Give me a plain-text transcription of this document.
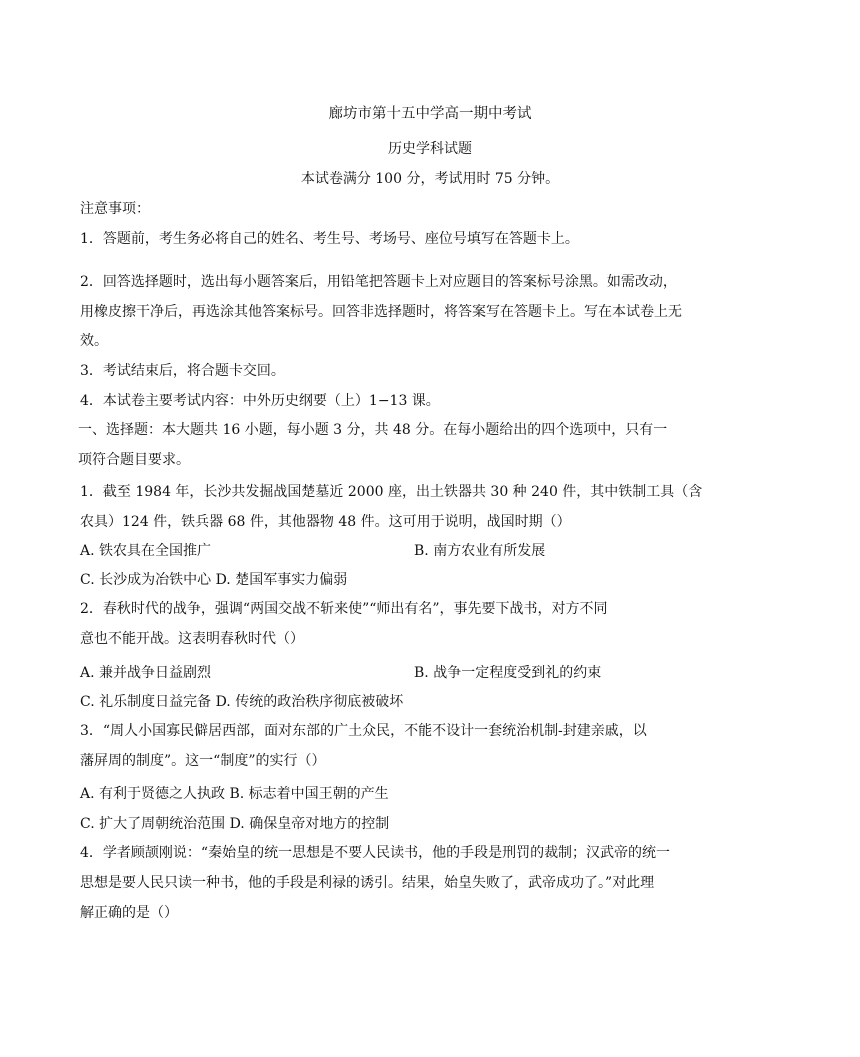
廊坊市第十五中学高一期中考试
历史学科试题
本试卷满分 100 分，考试用时 75 分钟。
注意事项：
1．答题前，考生务必将自己的姓名、考生号、考场号、座位号填写在答题卡上。
2．回答选择题时，选出每小题答案后，用铅笔把答题卡上对应题目的答案标号涂黑。如需改动，
用橡皮擦干净后，再选涂其他答案标号。回答非选择题时，将答案写在答题卡上。写在本试卷上无
效。
3．考试结束后，将合题卡交回。
4．本试卷主要考试内容：中外历史纲要（上）1−13 课。
一、选择题：本大题共 16 小题，每小题 3 分，共 48 分。在每小题给出的四个选项中，只有一
项符合题目要求。
1．截至 1984 年，长沙共发掘战国楚墓近 2000 座，出土铁器共 30 种 240 件，其中铁制工具（含
农具）124 件，铁兵器 68 件，其他器物 48 件。这可用于说明，战国时期（）
A. 铁农具在全国推广	B. 南方农业有所发展
C. 长沙成为冶铁中心 D. 楚国军事实力偏弱
2．春秋时代的战争，强调“两国交战不斩来使”“师出有名”，事先要下战书，对方不同
意也不能开战。这表明春秋时代（）
A. 兼并战争日益剧烈	B. 战争一定程度受到礼的约束
C. 礼乐制度日益完备 D. 传统的政治秩序彻底被破坏
3．“周人小国寡民僻居西部，面对东部的广土众民，不能不设计一套统治机制-封建亲戚，以
藩屏周的制度”。这一“制度”的实行（）
A. 有利于贤德之人执政 B. 标志着中国王朝的产生
C. 扩大了周朝统治范围 D. 确保皇帝对地方的控制
4．学者顾颉刚说：“秦始皇的统一思想是不要人民读书，他的手段是刑罚的裁制；汉武帝的统一
思想是要人民只读一种书，他的手段是利禄的诱引。结果，始皇失败了，武帝成功了。”对此理
解正确的是（）
